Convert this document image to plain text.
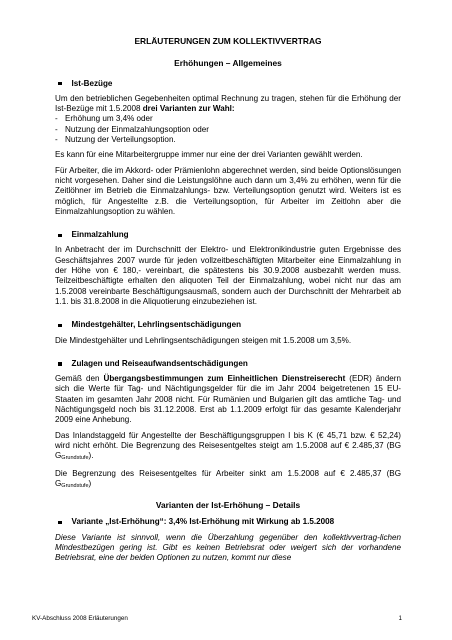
ERLÄUTERUNGEN ZUM KOLLEKTIVVERTRAG
Erhöhungen – Allgemeines
Ist-Bezüge

Um den betrieblichen Gegebenheiten optimal Rechnung zu tragen, stehen für die Erhöhung der Ist-Bezüge mit 1.5.2008 drei Varianten zur Wahl:

- Erhöhung um 3,4% oder
- Nutzung der Einmalzahlungsoption oder
- Nutzung der Verteilungsoption.

Es kann für eine Mitarbeitergruppe immer nur eine der drei Varianten gewählt werden.

Für Arbeiter, die im Akkord- oder Prämienlohn abgerechnet werden, sind beide Optionslösungen nicht vorgesehen. Daher sind die Leistungslöhne auch dann um 3,4% zu erhöhen, wenn für die Zeitlöhner im Betrieb die Einmalzahlungs- bzw. Verteilungsoption genutzt wird. Weiters ist es möglich, für Angestellte z.B. die Verteilungsoption, für Arbeiter im Zeitlohn aber die Einmalzahlungsoption zu wählen.

Einmalzahlung

In Anbetracht der im Durchschnitt der Elektro- und Elektronikindustrie guten Ergebnisse des Geschäftsjahres 2007 wurde für jeden vollzeitbeschäftigten Mitarbeiter eine Einmalzahlung in der Höhe von € 180,- vereinbart, die spätestens bis 30.9.2008 ausbezahlt werden muss. Teilzeitbeschäftigte erhalten den aliquoten Teil der Einmalzahlung, wobei nicht nur das am 1.5.2008 vereinbarte Beschäftigungsausmaß, sondern auch der Durchschnitt der Mehrarbeit ab 1.1. bis 31.8.2008 in die Aliquotierung einzubeziehen ist.

Mindestgehälter, Lehrlingsentschädigungen

Die Mindestgehälter und Lehrlingsentschädigungen steigen mit 1.5.2008 um 3,5%.

Zulagen und Reiseaufwandsentschädigungen

Gemäß den Übergangsbestimmungen zum Einheitlichen Dienstreiserecht (EDR) ändern sich die Werte für Tag- und Nächtigungsgelder für die im Jahr 2004 beigetretenen 15 EU-Staaten im gesamten Jahr 2008 nicht. Für Rumänien und Bulgarien gilt das amtliche Tag- und Nächtigungsgeld noch bis 31.12.2008. Erst ab 1.1.2009 erfolgt für das gesamte Kalenderjahr 2009 eine Anhebung.

Das Inlandstaggeld für Angestellte der Beschäftigungsgruppen I bis K (€ 45,71 bzw. € 52,24) wird nicht erhöht. Die Begrenzung des Reisesentgeltes steigt am 1.5.2008 auf € 2.485,37 (BG $G_{Grundstufe}$).

Die Begrenzung des Reisesentgeltes für Arbeiter sinkt am 1.5.2008 auf € 2.485,37 (BG $G_{Grundstufe}$)

Varianten der Ist-Erhöhung – Details
Variante „Ist-Erhöhung“: 3,4% Ist-Erhöhung mit Wirkung ab 1.5.2008

Diese Variante ist sinnvoll, wenn die Überzahlung gegenüber den kollektivvertrag-lichen Mindestbezügen gering ist. Gibt es keinen Betriebsrat oder weigert sich der vorhandene Betriebsrat, eine der beiden Optionen zu nutzen, kommt nur diese

KV-Abschluss 2008 Erläuterungen	1
